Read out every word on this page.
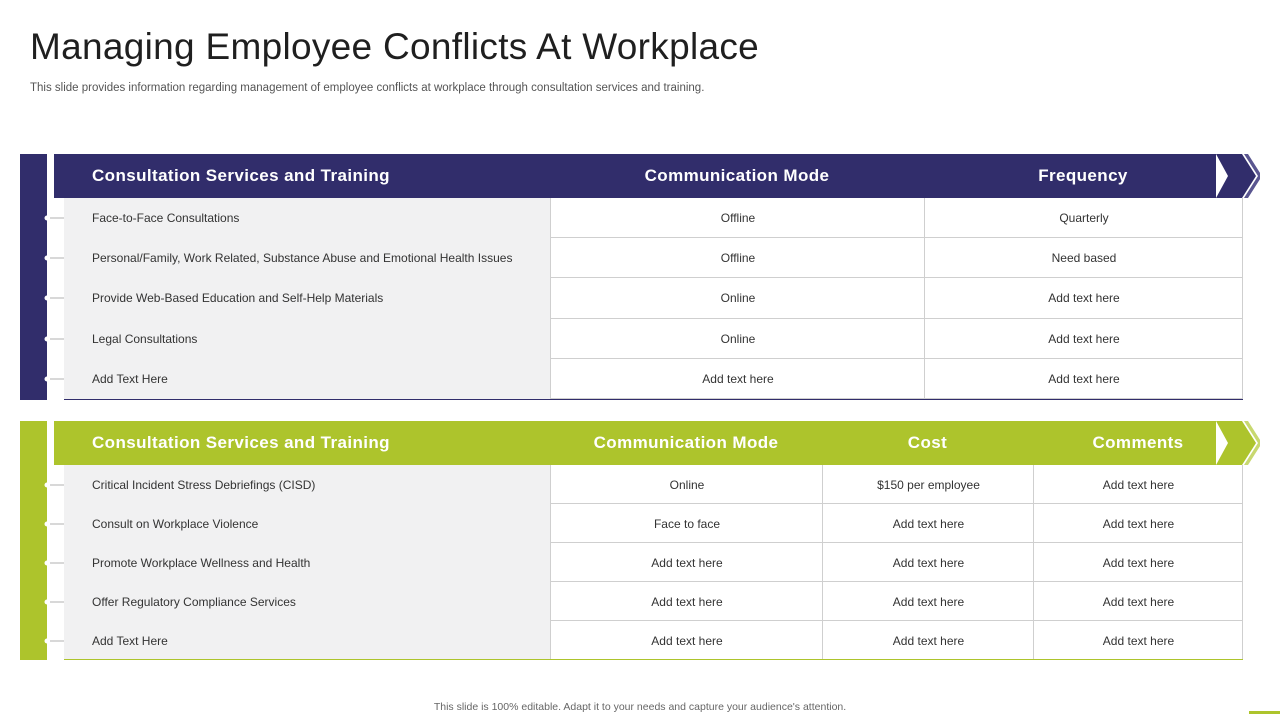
Managing Employee Conflicts At Workplace
This slide provides information regarding management of employee conflicts at workplace through consultation services and training.
Consultation Services and Training	Communication Mode	Frequency
Face-to-Face Consultations	Offline	Quarterly
Personal/Family, Work Related, Substance Abuse and Emotional Health Issues	Offline	Need based
Provide Web-Based Education and Self-Help Materials	Online	Add text here
Legal Consultations	Online	Add text here
Add Text Here	Add text here	Add text here
Consultation Services and Training	Communication Mode	Cost	Comments
Critical Incident Stress Debriefings (CISD)	Online	$150 per employee	Add text here
Consult on Workplace Violence	Face to face	Add text here	Add text here
Promote Workplace Wellness and Health	Add text here	Add text here	Add text here
Offer Regulatory Compliance Services	Add text here	Add text here	Add text here
Add Text Here	Add text here	Add text here	Add text here
This slide is 100% editable. Adapt it to your needs and capture your audience's attention.
